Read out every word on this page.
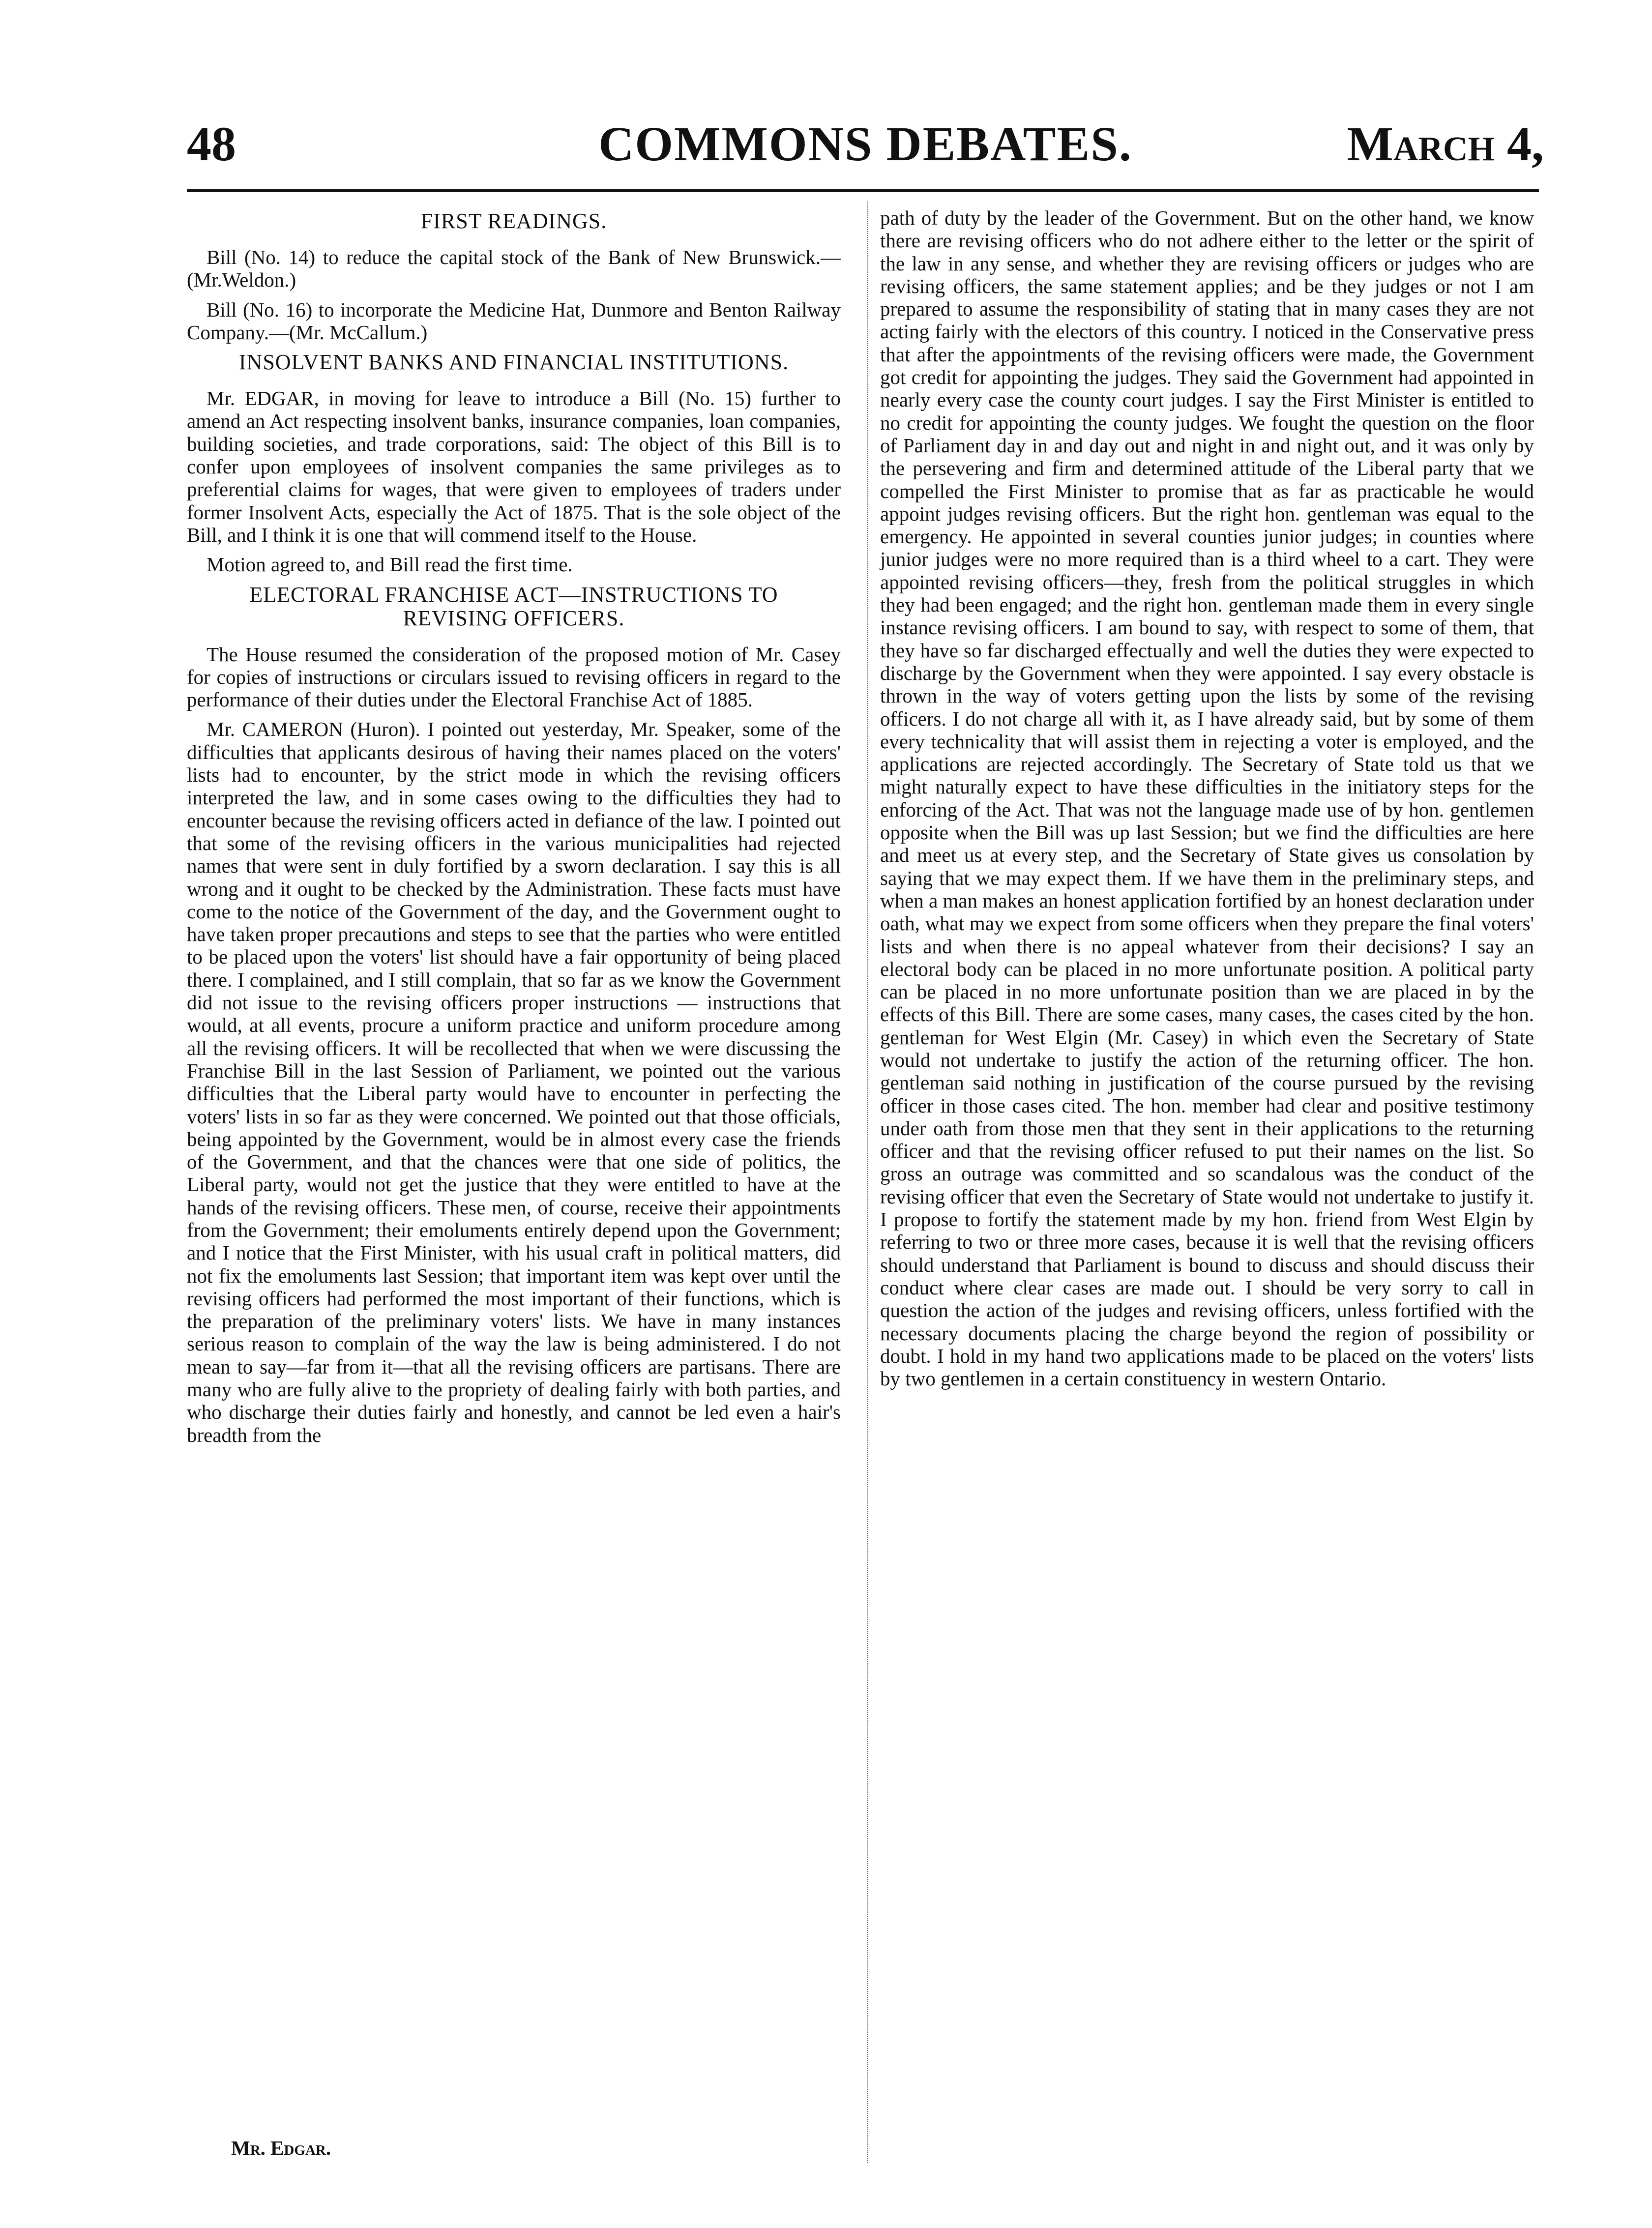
48	COMMONS DEBATES.	March 4,
FIRST READINGS.

Bill (No. 14) to reduce the capital stock of the Bank of New Brunswick.—(Mr.Weldon.)

Bill (No. 16) to incorporate the Medicine Hat, Dunmore and Benton Railway Company.—(Mr. McCallum.)

INSOLVENT BANKS AND FINANCIAL INSTITUTIONS.

Mr. EDGAR, in moving for leave to introduce a Bill (No. 15) further to amend an Act respecting insolvent banks, insurance companies, loan companies, building societies, and trade corporations, said: The object of this Bill is to confer upon employees of insolvent companies the same privileges as to preferential claims for wages, that were given to employees of traders under former Insolvent Acts, especially the Act of 1875. That is the sole object of the Bill, and I think it is one that will commend itself to the House.

Motion agreed to, and Bill read the first time.

ELECTORAL FRANCHISE ACT—INSTRUCTIONS TO REVISING OFFICERS.

The House resumed the consideration of the proposed motion of Mr. Casey for copies of instructions or circulars issued to revising officers in regard to the performance of their duties under the Electoral Franchise Act of 1885.

Mr. CAMERON (Huron). I pointed out yesterday, Mr. Speaker, some of the difficulties that applicants desirous of having their names placed on the voters' lists had to encounter, by the strict mode in which the revising officers interpreted the law, and in some cases owing to the difficulties they had to encounter because the revising officers acted in defiance of the law. I pointed out that some of the revising officers in the various municipalities had rejected names that were sent in duly fortified by a sworn declaration. I say this is all wrong and it ought to be checked by the Administration. These facts must have come to the notice of the Government of the day, and the Government ought to have taken proper precautions and steps to see that the parties who were entitled to be placed upon the voters' list should have a fair opportunity of being placed there. I complained, and I still complain, that so far as we know the Government did not issue to the revising officers proper instructions — instructions that would, at all events, procure a uniform practice and uniform procedure among all the revising officers. It will be recollected that when we were discussing the Franchise Bill in the last Session of Parliament, we pointed out the various difficulties that the Liberal party would have to encounter in perfecting the voters' lists in so far as they were concerned. We pointed out that those officials, being appointed by the Government, would be in almost every case the friends of the Government, and that the chances were that one side of politics, the Liberal party, would not get the justice that they were entitled to have at the hands of the revising officers. These men, of course, receive their appointments from the Government; their emoluments entirely depend upon the Government; and I notice that the First Minister, with his usual craft in political matters, did not fix the emoluments last Session; that important item was kept over until the revising officers had performed the most important of their functions, which is the preparation of the preliminary voters' lists. We have in many instances serious reason to complain of the way the law is being administered. I do not mean to say—far from it—that all the revising officers are partisans. There are many who are fully alive to the propriety of dealing fairly with both parties, and who discharge their duties fairly and honestly, and cannot be led even a hair's breadth from the

Mr. Edgar.

path of duty by the leader of the Government. But on the other hand, we know there are revising officers who do not adhere either to the letter or the spirit of the law in any sense, and whether they are revising officers or judges who are revising officers, the same statement applies; and be they judges or not I am prepared to assume the responsibility of stating that in many cases they are not acting fairly with the electors of this country. I noticed in the Conservative press that after the appointments of the revising officers were made, the Government got credit for appointing the judges. They said the Government had appointed in nearly every case the county court judges. I say the First Minister is entitled to no credit for appointing the county judges. We fought the question on the floor of Parliament day in and day out and night in and night out, and it was only by the persevering and firm and determined attitude of the Liberal party that we compelled the First Minister to promise that as far as practicable he would appoint judges revising officers. But the right hon. gentleman was equal to the emergency. He appointed in several counties junior judges; in counties where junior judges were no more required than is a third wheel to a cart. They were appointed revising officers—they, fresh from the political struggles in which they had been engaged; and the right hon. gentleman made them in every single instance revising officers. I am bound to say, with respect to some of them, that they have so far discharged effectually and well the duties they were expected to discharge by the Government when they were appointed. I say every obstacle is thrown in the way of voters getting upon the lists by some of the revising officers. I do not charge all with it, as I have already said, but by some of them every technicality that will assist them in rejecting a voter is employed, and the applications are rejected accordingly. The Secretary of State told us that we might naturally expect to have these difficulties in the initiatory steps for the enforcing of the Act. That was not the language made use of by hon. gentlemen opposite when the Bill was up last Session; but we find the difficulties are here and meet us at every step, and the Secretary of State gives us consolation by saying that we may expect them. If we have them in the preliminary steps, and when a man makes an honest application fortified by an honest declaration under oath, what may we expect from some officers when they prepare the final voters' lists and when there is no appeal whatever from their decisions? I say an electoral body can be placed in no more unfortunate position. A political party can be placed in no more unfortunate position than we are placed in by the effects of this Bill. There are some cases, many cases, the cases cited by the hon. gentleman for West Elgin (Mr. Casey) in which even the Secretary of State would not undertake to justify the action of the returning officer. The hon. gentleman said nothing in justification of the course pursued by the revising officer in those cases cited. The hon. member had clear and positive testimony under oath from those men that they sent in their applications to the returning officer and that the revising officer refused to put their names on the list. So gross an outrage was committed and so scandalous was the conduct of the revising officer that even the Secretary of State would not undertake to justify it. I propose to fortify the statement made by my hon. friend from West Elgin by referring to two or three more cases, because it is well that the revising officers should understand that Parliament is bound to discuss and should discuss their conduct where clear cases are made out. I should be very sorry to call in question the action of the judges and revising officers, unless fortified with the necessary documents placing the charge beyond the region of possibility or doubt. I hold in my hand two applications made to be placed on the voters' lists by two gentlemen in a certain constituency in western Ontario.
